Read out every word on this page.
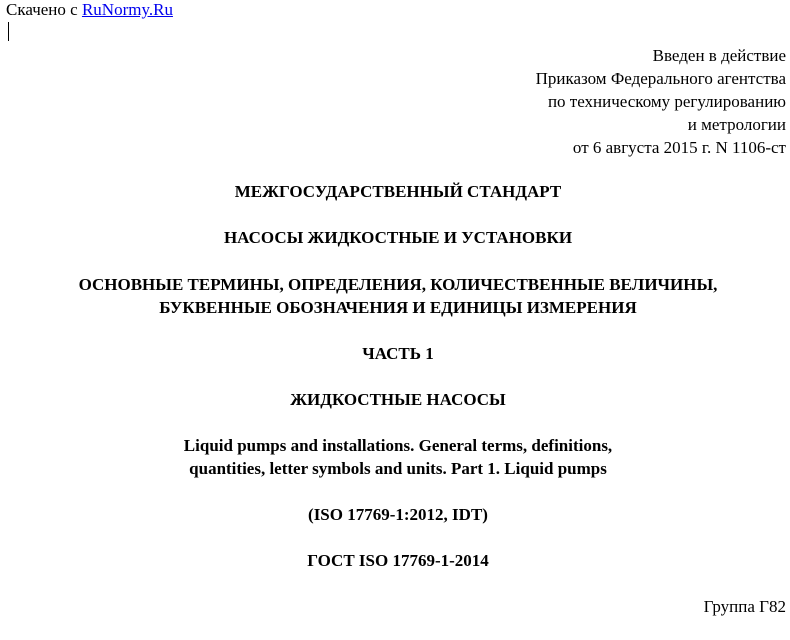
Скачено с RuNormy.Ru
Введен в действие
Приказом Федерального агентства
по техническому регулированию
и метрологии
от 6 августа 2015 г. N 1106-ст
МЕЖГОСУДАРСТВЕННЫЙ СТАНДАРТ
НАСОСЫ ЖИДКОСТНЫЕ И УСТАНОВКИ
ОСНОВНЫЕ ТЕРМИНЫ, ОПРЕДЕЛЕНИЯ, КОЛИЧЕСТВЕННЫЕ ВЕЛИЧИНЫ,
БУКВЕННЫЕ ОБОЗНАЧЕНИЯ И ЕДИНИЦЫ ИЗМЕРЕНИЯ
ЧАСТЬ 1
ЖИДКОСТНЫЕ НАСОСЫ
Liquid pumps and installations. General terms, definitions,
quantities, letter symbols and units. Part 1. Liquid pumps
(ISO 17769-1:2012, IDT)
ГОСТ ISO 17769-1-2014
Группа Г82
